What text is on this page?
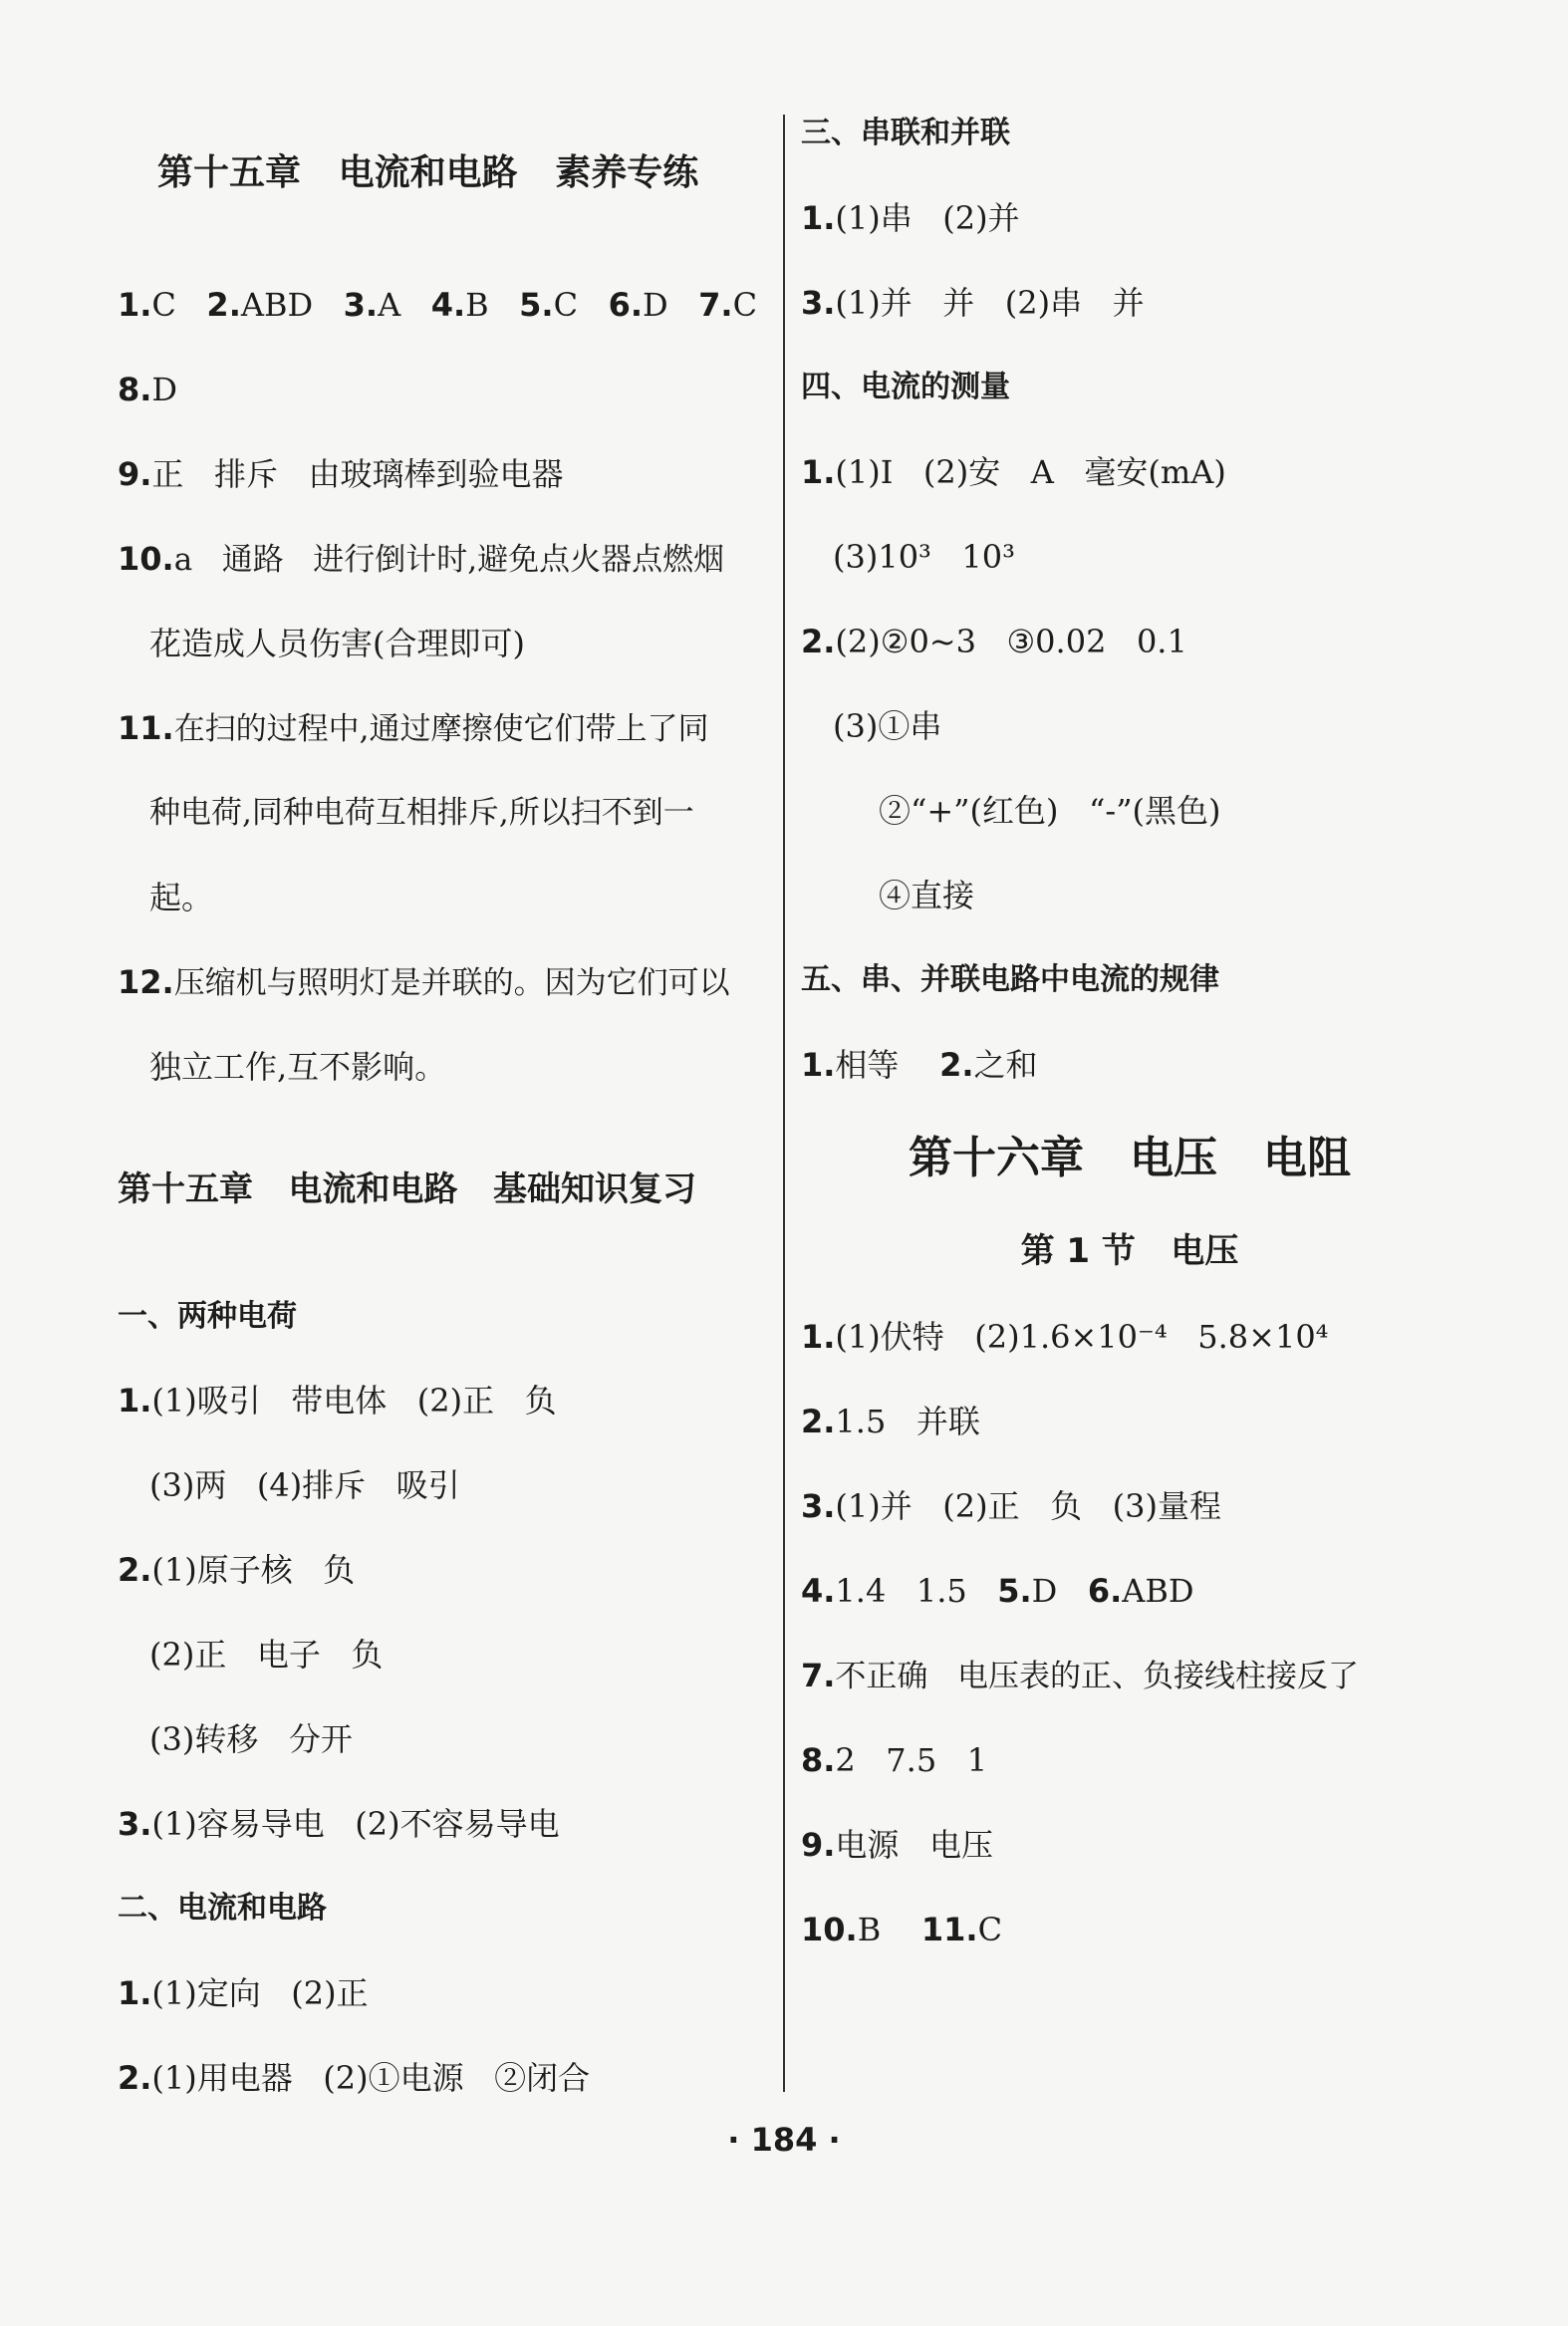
第十五章   电流和电路   素养专练
1.C 2.ABD 3.A 4.B 5.C 6.D 7.C
8.D
9.正   排斥   由玻璃棒到验电器
10.a   通路   进行倒计时,避免点火器点燃烟
花造成人员伤害(合理即可)
11.在扫的过程中,通过摩擦使它们带上了同
种电荷,同种电荷互相排斥,所以扫不到一
起。
12.压缩机与照明灯是并联的。因为它们可以
独立工作,互不影响。
第十五章   电流和电路   基础知识复习
一、两种电荷
1.(1)吸引   带电体   (2)正   负
(3)两   (4)排斥   吸引
2.(1)原子核   负
(2)正   电子   负
(3)转移   分开
3.(1)容易导电   (2)不容易导电
二、电流和电路
1.(1)定向   (2)正
2.(1)用电器   (2)①电源   ②闭合
三、串联和并联
1.(1)串   (2)并
3.(1)并   并   (2)串   并
四、电流的测量
1.(1)I   (2)安   A   毫安(mA)
(3)10³   10³
2.(2)②0~3   ③0.02   0.1
(3)①串
②“+”(红色)   “-”(黑色)
④直接
五、串、并联电路中电流的规律
1.相等 2.之和
第十六章   电压   电阻
第 1 节   电压
1.(1)伏特   (2)1.6×10⁻⁴   5.8×10⁴
2.1.5   并联
3.(1)并   (2)正   负   (3)量程
4.1.4   1.5 5.D 6.ABD
7.不正确   电压表的正、负接线柱接反了
8.2   7.5   1
9.电源   电压
10.B 11.C
· 184 ·
